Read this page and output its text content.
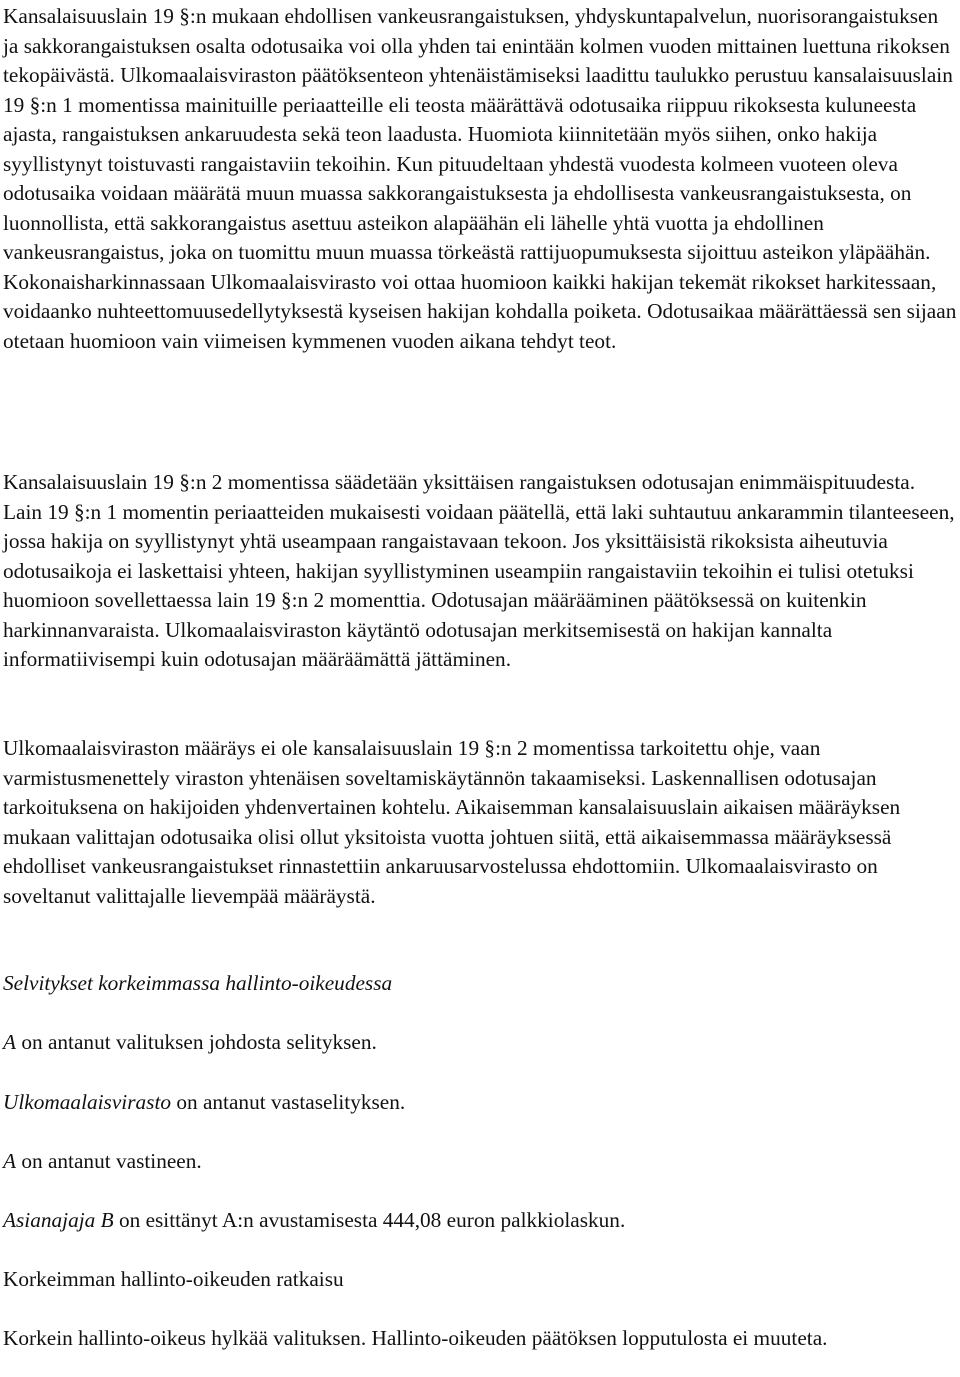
Kansalaisuuslain 19 §:n mukaan ehdollisen vankeusrangaistuksen, yhdyskuntapalvelun, nuorisorangaistuksen ja sakkorangaistuksen osalta odotusaika voi olla yhden tai enintään kolmen vuoden mittainen luettuna rikoksen tekopäivästä. Ulkomaalaisviraston päätöksenteon yhtenäistämiseksi laadittu taulukko perustuu kansalaisuuslain 19 §:n 1 momentissa mainituille periaatteille eli teosta määrättävä odotusaika riippuu rikoksesta kuluneesta ajasta, rangaistuksen ankaruudesta sekä teon laadusta. Huomiota kiinnitetään myös siihen, onko hakija syyllistynyt toistuvasti rangaistaviin tekoihin. Kun pituudeltaan yhdestä vuodesta kolmeen vuoteen oleva odotusaika voidaan määrätä muun muassa sakkorangaistuksesta ja ehdollisesta vankeusrangaistuksesta, on luonnollista, että sakkorangaistus asettuu asteikon alapäähän eli lähelle yhtä vuotta ja ehdollinen vankeusrangaistus, joka on tuomittu muun muassa törkeästä rattijuopumuksesta sijoittuu asteikon yläpäähän. Kokonaisharkinnassaan Ulkomaalaisvirasto voi ottaa huomioon kaikki hakijan tekemät rikokset harkitessaan, voidaanko nuhteettomuusedellytyksestä kyseisen hakijan kohdalla poiketa. Odotusaikaa määrättäessä sen sijaan otetaan huomioon vain viimeisen kymmenen vuoden aikana tehdyt teot.

Kansalaisuuslain 19 §:n 2 momentissa säädetään yksittäisen rangaistuksen odotusajan enimmäispituudesta. Lain 19 §:n 1 momentin periaatteiden mukaisesti voidaan päätellä, että laki suhtautuu ankarammin tilanteeseen, jossa hakija on syyllistynyt yhtä useampaan rangaistavaan tekoon. Jos yksittäisistä rikoksista aiheutuvia odotusaikoja ei laskettaisi yhteen, hakijan syyllistyminen useampiin rangaistaviin tekoihin ei tulisi otetuksi huomioon sovellettaessa lain 19 §:n 2 momenttia. Odotusajan määrääminen päätöksessä on kuitenkin harkinnanvaraista. Ulkomaalaisviraston käytäntö odotusajan merkitsemisestä on hakijan kannalta informatiivisempi kuin odotusajan määräämättä jättäminen.

Ulkomaalaisviraston määräys ei ole kansalaisuuslain 19 §:n 2 momentissa tarkoitettu ohje, vaan varmistusmenettely viraston yhtenäisen soveltamiskäytännön takaamiseksi. Laskennallisen odotusajan tarkoituksena on hakijoiden yhdenvertainen kohtelu. Aikaisemman kansalaisuuslain aikaisen määräyksen mukaan valittajan odotusaika olisi ollut yksitoista vuotta johtuen siitä, että aikaisemmassa määräyksessä ehdolliset vankeusrangaistukset rinnastettiin ankaruusarvostelussa ehdottomiin. Ulkomaalaisvirasto on soveltanut valittajalle lievempää määräystä.

Selvitykset korkeimmassa hallinto-oikeudessa

A on antanut valituksen johdosta selityksen.

Ulkomaalaisvirasto on antanut vastaselityksen.

A on antanut vastineen.

Asianajaja B on esittänyt A:n avustamisesta 444,08 euron palkkiolaskun.

Korkeimman hallinto-oikeuden ratkaisu

Korkein hallinto-oikeus hylkää valituksen. Hallinto-oikeuden päätöksen lopputulosta ei muuteta.
